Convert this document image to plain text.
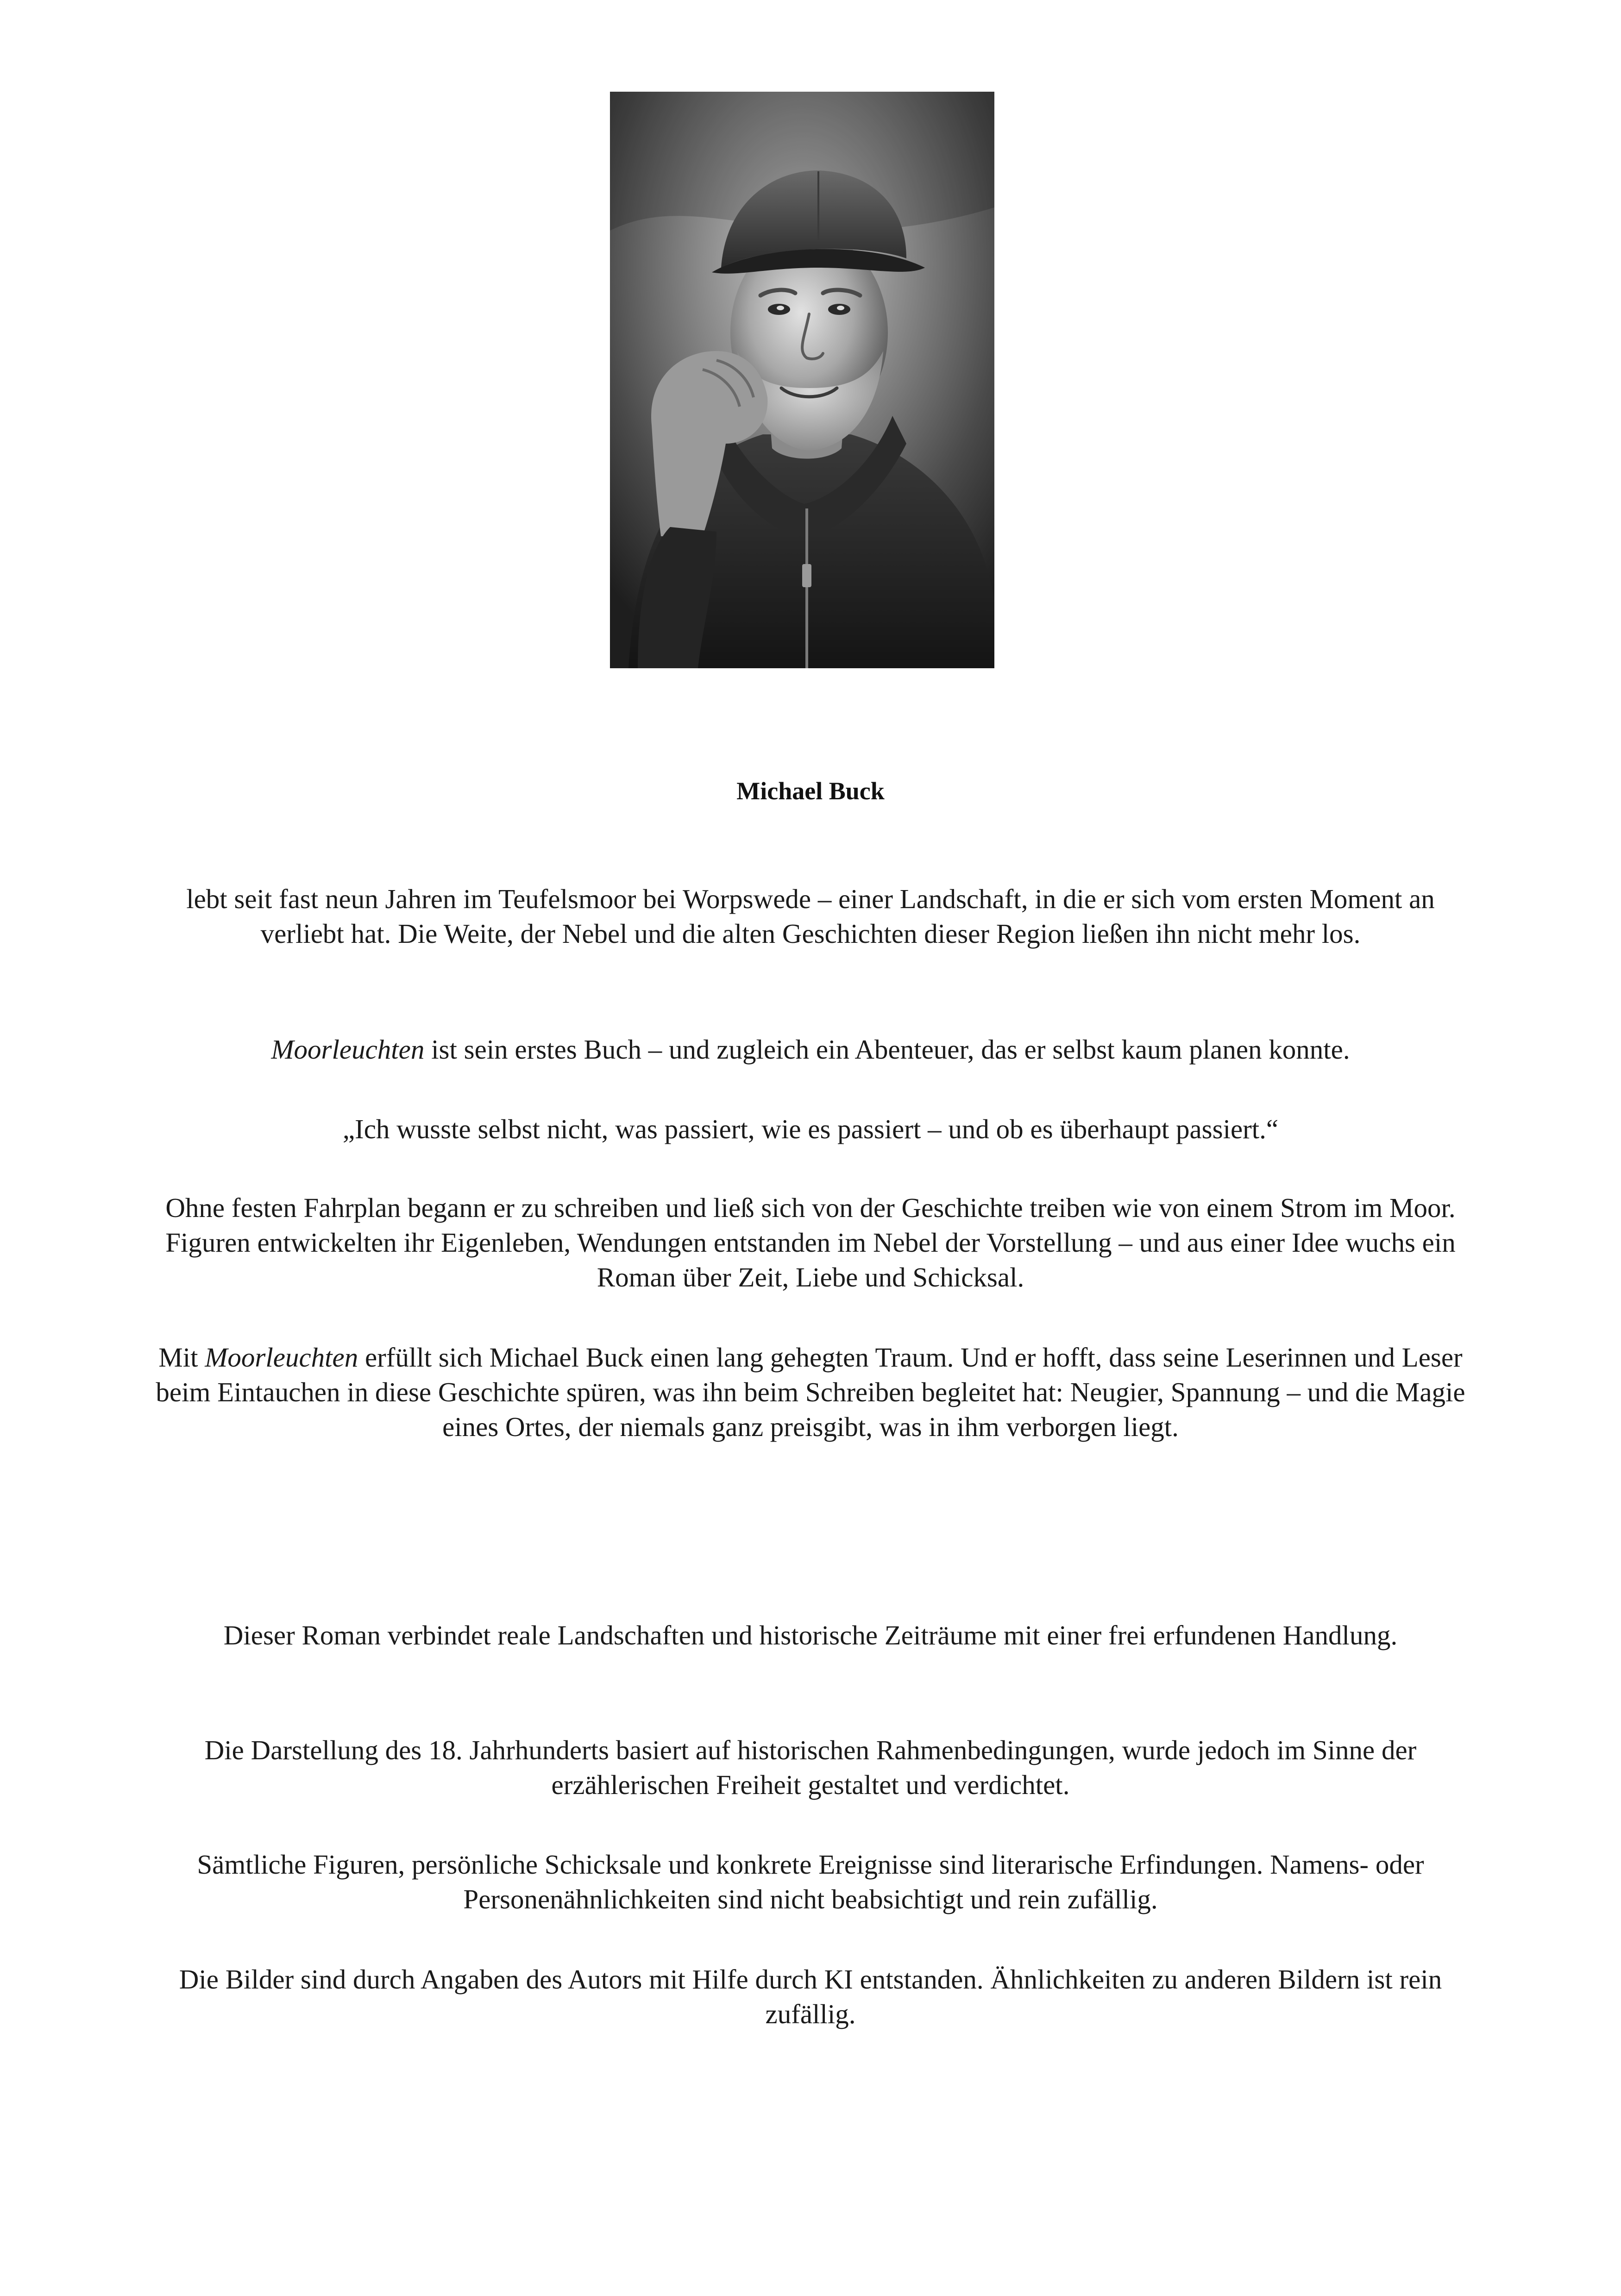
Michael Buck

lebt seit fast neun Jahren im Teufelsmoor bei Worpswede – einer Landschaft, in die er sich vom ersten Moment an verliebt hat. Die Weite, der Nebel und die alten Geschichten dieser Region ließen ihn nicht mehr los.

Moorleuchten ist sein erstes Buch – und zugleich ein Abenteuer, das er selbst kaum planen konnte.

„Ich wusste selbst nicht, was passiert, wie es passiert – und ob es überhaupt passiert.“

Ohne festen Fahrplan begann er zu schreiben und ließ sich von der Geschichte treiben wie von einem Strom im Moor. Figuren entwickelten ihr Eigenleben, Wendungen entstanden im Nebel der Vorstellung – und aus einer Idee wuchs ein Roman über Zeit, Liebe und Schicksal.

Mit Moorleuchten erfüllt sich Michael Buck einen lang gehegten Traum. Und er hofft, dass seine Leserinnen und Leser beim Eintauchen in diese Geschichte spüren, was ihn beim Schreiben begleitet hat: Neugier, Spannung – und die Magie eines Ortes, der niemals ganz preisgibt, was in ihm verborgen liegt.

Dieser Roman verbindet reale Landschaften und historische Zeiträume mit einer frei erfundenen Handlung.

Die Darstellung des 18. Jahrhunderts basiert auf historischen Rahmenbedingungen, wurde jedoch im Sinne der erzählerischen Freiheit gestaltet und verdichtet.

Sämtliche Figuren, persönliche Schicksale und konkrete Ereignisse sind literarische Erfindungen. Namens- oder Personenähnlichkeiten sind nicht beabsichtigt und rein zufällig.

Die Bilder sind durch Angaben des Autors mit Hilfe durch KI entstanden. Ähnlichkeiten zu anderen Bildern ist rein zufällig.
